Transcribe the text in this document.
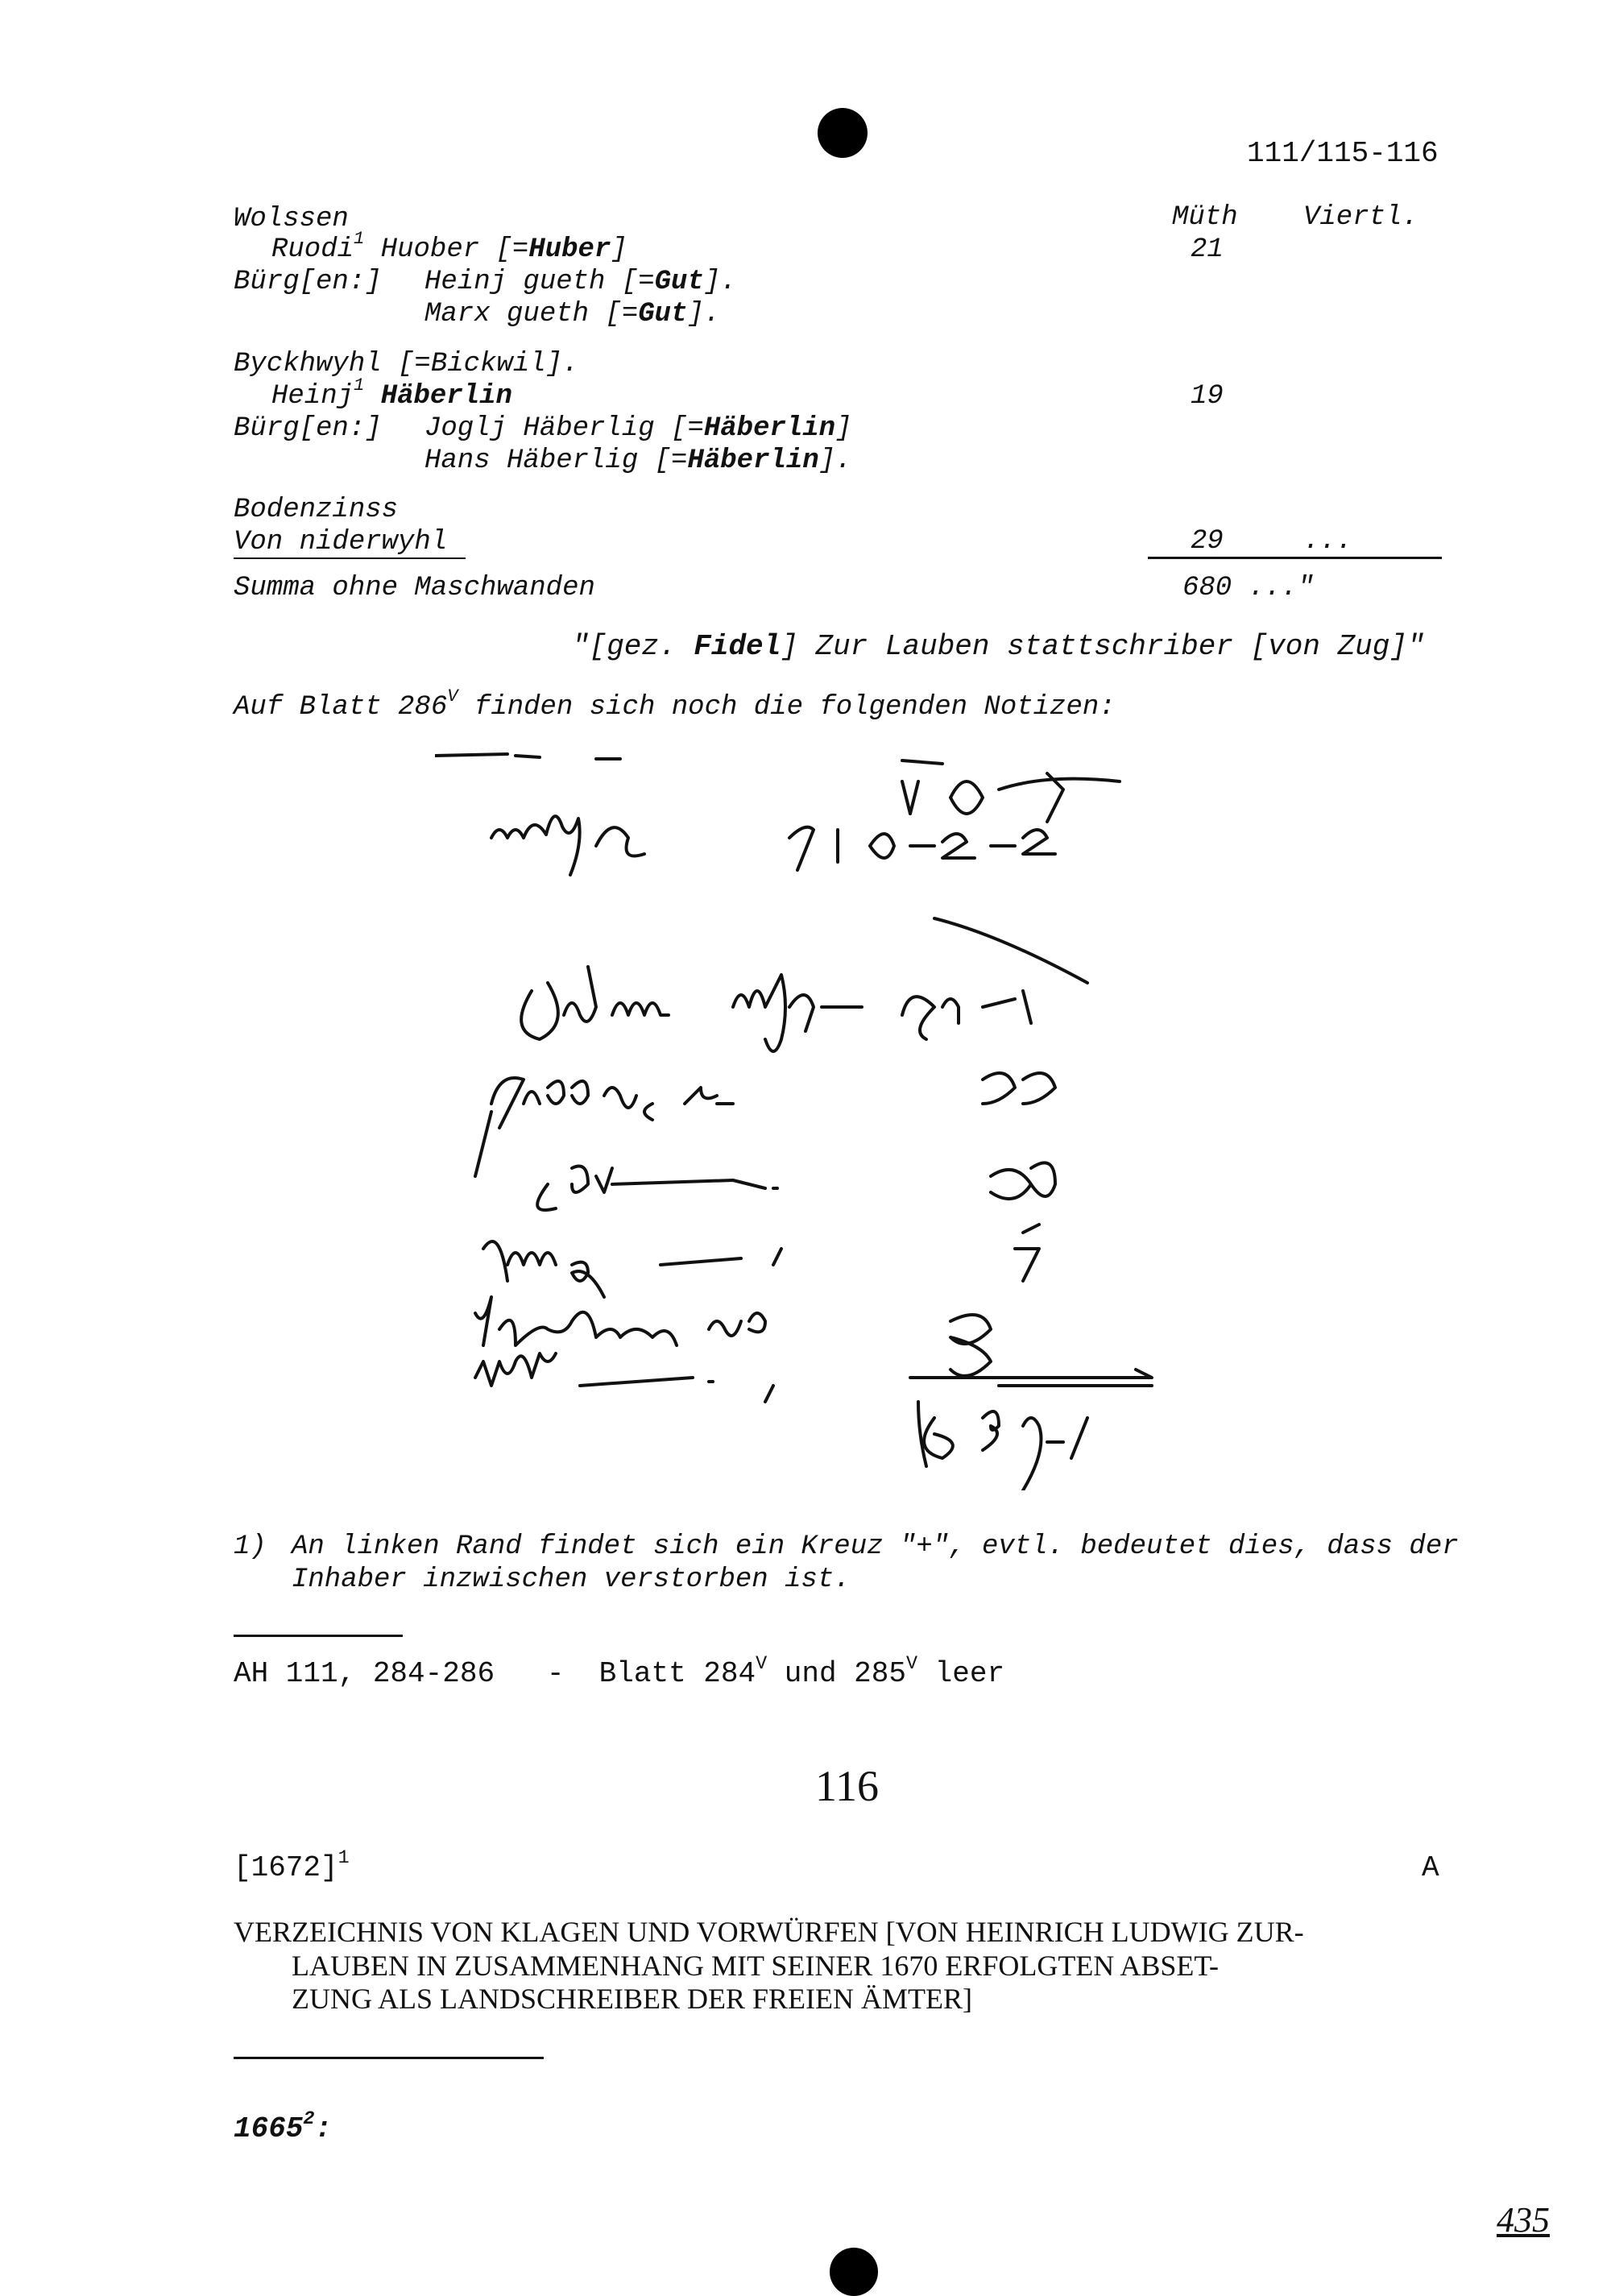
111/115-116
Müth Viertl.
Wolssen
Ruodi$^1$ Huober [=Huber]	21
Bürg[en:] Heinj gueth [=Gut].
Marx gueth [=Gut].
Byckhwyhl [=Bickwil].
Heinj$^1$ Häberlin	19
Bürg[en:] Joglj Häberlig [=Häberlin]
Hans Häberlig [=Häberlin].
Bodenzinss
Von niderwyhl	29	...
Summa ohne Maschwanden	680 ..."
"[gez. Fidel] Zur Lauben stattschriber [von Zug]"
Auf Blatt $286^V$ finden sich noch die folgenden Notizen:
1) An linken Rand findet sich ein Kreuz "+", evtl. bedeutet dies, dass der
Inhaber inzwischen verstorben ist.
AH 111, 284-286   -  Blatt $284^V$ und $285^V$ leer
116
$[1672]^1$	A
VERZEICHNIS VON KLAGEN UND VORWÜRFEN [VON HEINRICH LUDWIG ZUR-
LAUBEN IN ZUSAMMENHANG MIT SEINER 1670 ERFOLGTEN ABSET-
ZUNG ALS LANDSCHREIBER DER FREIEN ÄMTER]
1665$^2$:
435
